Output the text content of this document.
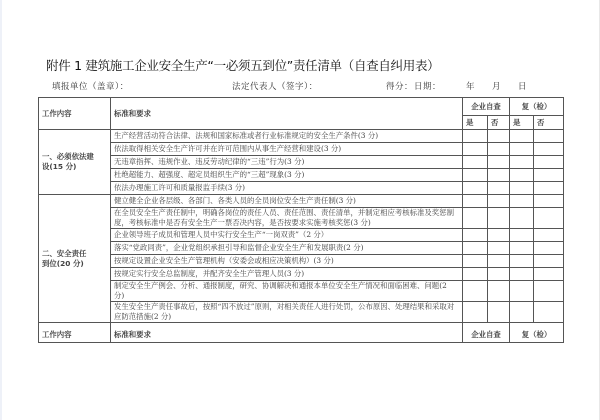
附件 1 建筑施工企业安全生产“一必须五到位”责任清单（自查自纠用表）
填报单位（盖章）：	法定代表人（签字）：	得分： 日期：	年 月 日
工作内容	标准和要求	企业自查		复（检）	
		是	否	是	否

一、必须依法建
设(15 分)	生产经营活动符合法律、法规和国家标准或者行业标准规定的安全生产条件(3 分)				
	依法取得相关安全生产许可并在许可范围内从事生产经营和建设(3 分)				
	无违章指挥、违规作业、违反劳动纪律的“三违”行为(3 分)				
	杜绝超能力、超强度、超定员组织生产的“三超”现象(3 分)				
	依法办理施工许可和质量报监手续(3 分)				

二、安全责任
到位(20 分)	健立健全企业各层级、各部门、各类人员的全员岗位安全生产责任制(3 分)				
	在全员安全生产责任制中，明确各岗位的责任人员、责任范围、责任清单，并制定相应考核标准及奖惩制度，考核标准中是否有安全生产一票否决内容，是否按要求实施考核奖惩(3 分)				
	企业领导班子成员和管理人员中实行安全生产“一岗双责”（2 分）				
	落实“党政同责”，企业党组织承担引导和监督企业安全生产和发展职责(2 分)				
	按规定设置企业安全生产管理机构（安委会或相应决策机构）(3 分)				
	按规定实行安全总监制度，并配齐安全生产管理人员(3 分)				
	制定安全生产例会、分析、通报制度，研究、协调解决和通报本单位安全生产情况和面临困难、问题(2 分)				
	发生安全生产责任事故后，按照“四不放过”原则，对相关责任人进行处罚，公布原因、处理结果和采取对应防范措施(2 分)				
工作内容	标准和要求	企业自查		复（检）	
